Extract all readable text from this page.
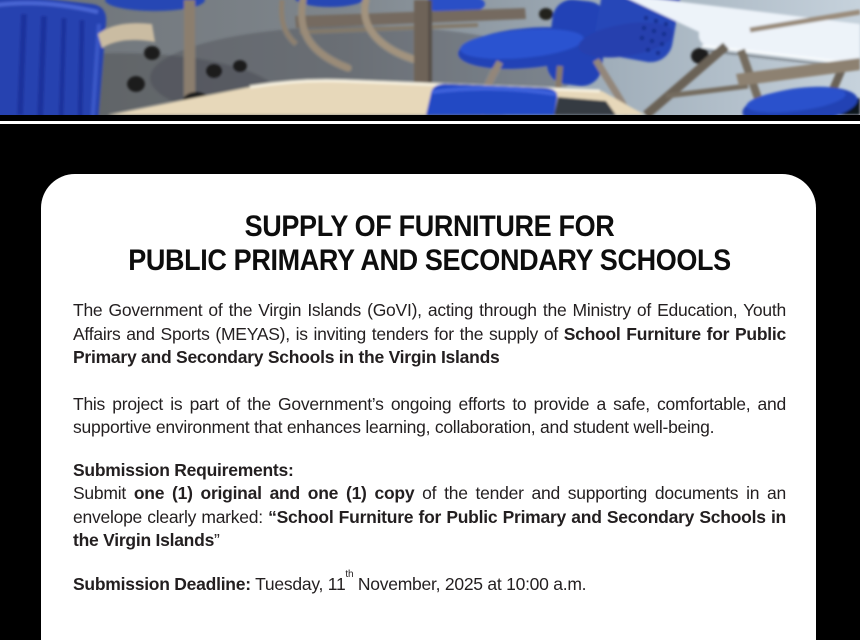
SUPPLY OF FURNITURE FOR
PUBLIC PRIMARY AND SECONDARY SCHOOLS

The Government of the Virgin Islands (GoVI), acting through the Ministry of Education, Youth Affairs and Sports (MEYAS), is inviting tenders for the supply of School Furniture for Public Primary and Secondary Schools in the Virgin Islands

This project is part of the Government’s ongoing efforts to provide a safe, comfortable, and supportive environment that enhances learning, collaboration, and student well-being.

Submission Requirements:

Submit one (1) original and one (1) copy of the tender and supporting documents in an envelope clearly marked: “School Furniture for Public Primary and Secondary Schools in the Virgin Islands”

Submission Deadline: Tuesday, 11th November, 2025 at 10:00 a.m.
